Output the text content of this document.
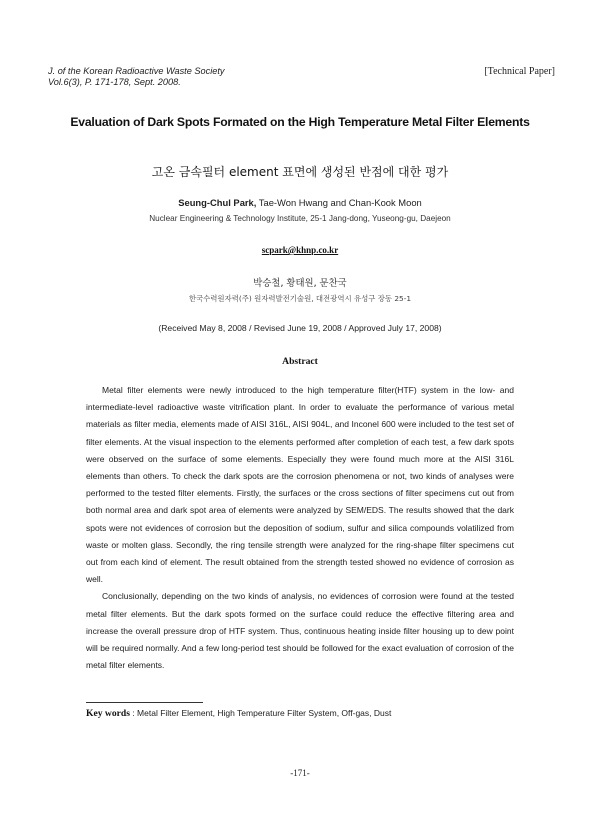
J. of the Korean Radioactive Waste Society
Vol.6(3), P. 171-178, Sept. 2008.
[Technical Paper]
Evaluation of Dark Spots Formated on the High Temperature Metal Filter Elements
고온 금속필터 element 표면에 생성된 반점에 대한 평가
Seung-Chul Park, Tae-Won Hwang and Chan-Kook Moon
Nuclear Engineering & Technology Institute, 25-1 Jang-dong, Yuseong-gu, Daejeon
scpark@khnp.co.kr
박승철, 황태원, 문찬국
한국수력원자력(주) 원자력발전기술원, 대전광역시 유성구 장동 25-1
(Received May 8, 2008 / Revised June 19, 2008 / Approved July 17, 2008)
Abstract

Metal filter elements were newly introduced to the high temperature filter(HTF) system in the low- and intermediate-level radioactive waste vitrification plant. In order to evaluate the performance of various metal materials as filter media, elements made of AISI 316L, AISI 904L, and Inconel 600 were included to the test set of filter elements. At the visual inspection to the elements performed after completion of each test, a few dark spots were observed on the surface of some elements. Especially they were found much more at the AISI 316L elements than others. To check the dark spots are the corrosion phenomena or not, two kinds of analyses were performed to the tested filter elements. Firstly, the surfaces or the cross sections of filter specimens cut out from both normal area and dark spot area of elements were analyzed by SEM/EDS. The results showed that the dark spots were not evidences of corrosion but the deposition of sodium, sulfur and silica compounds volatilized from waste or molten glass. Secondly, the ring tensile strength were analyzed for the ring-shape filter specimens cut out from each kind of element. The result obtained from the strength tested showed no evidence of corrosion as well.

Conclusionally, depending on the two kinds of analysis, no evidences of corrosion were found at the tested metal filter elements. But the dark spots formed on the surface could reduce the effective filtering area and increase the overall pressure drop of HTF system. Thus, continuous heating inside filter housing up to dew point will be required normally. And a few long-period test should be followed for the exact evaluation of corrosion of the metal filter elements.

Key words : Metal Filter Element, High Temperature Filter System, Off-gas, Dust
-171-
